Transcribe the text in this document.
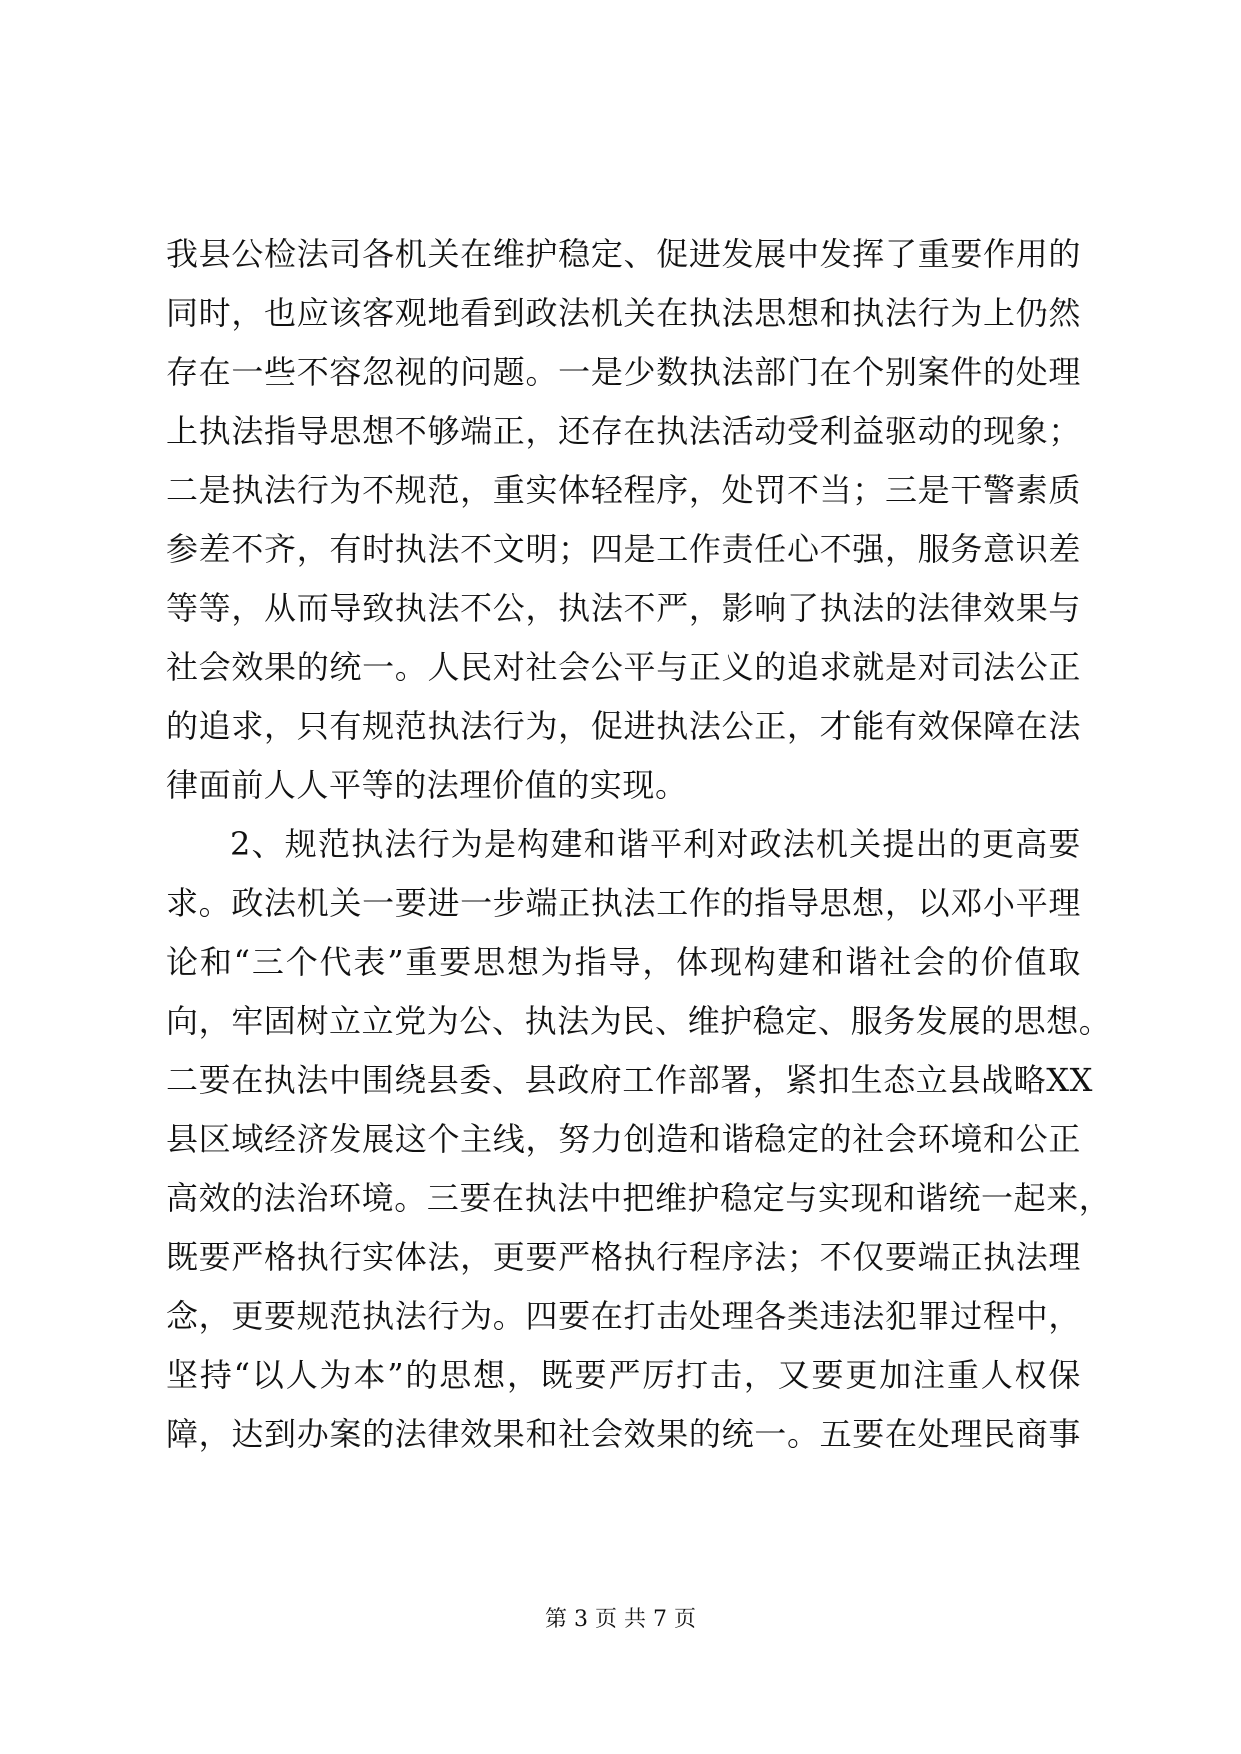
我县公检法司各机关在维护稳定、促进发展中发挥了重要作用的
同时，也应该客观地看到政法机关在执法思想和执法行为上仍然
存在一些不容忽视的问题。一是少数执法部门在个别案件的处理
上执法指导思想不够端正，还存在执法活动受利益驱动的现象；
二是执法行为不规范，重实体轻程序，处罚不当；三是干警素质
参差不齐，有时执法不文明；四是工作责任心不强，服务意识差
等等，从而导致执法不公，执法不严，影响了执法的法律效果与
社会效果的统一。人民对社会公平与正义的追求就是对司法公正
的追求，只有规范执法行为，促进执法公正，才能有效保障在法
律面前人人平等的法理价值的实现。
2、规范执法行为是构建和谐平利对政法机关提出的更高要
求。政法机关一要进一步端正执法工作的指导思想，以邓小平理
论和“三个代表”重要思想为指导，体现构建和谐社会的价值取
向，牢固树立立党为公、执法为民、维护稳定、服务发展的思想。
二要在执法中围绕县委、县政府工作部署，紧扣生态立县战略XX
县区域经济发展这个主线，努力创造和谐稳定的社会环境和公正
高效的法治环境。三要在执法中把维护稳定与实现和谐统一起来，
既要严格执行实体法，更要严格执行程序法；不仅要端正执法理
念，更要规范执法行为。四要在打击处理各类违法犯罪过程中，
坚持“以人为本”的思想，既要严厉打击，又要更加注重人权保
障，达到办案的法律效果和社会效果的统一。五要在处理民商事
第 3 页 共 7 页
